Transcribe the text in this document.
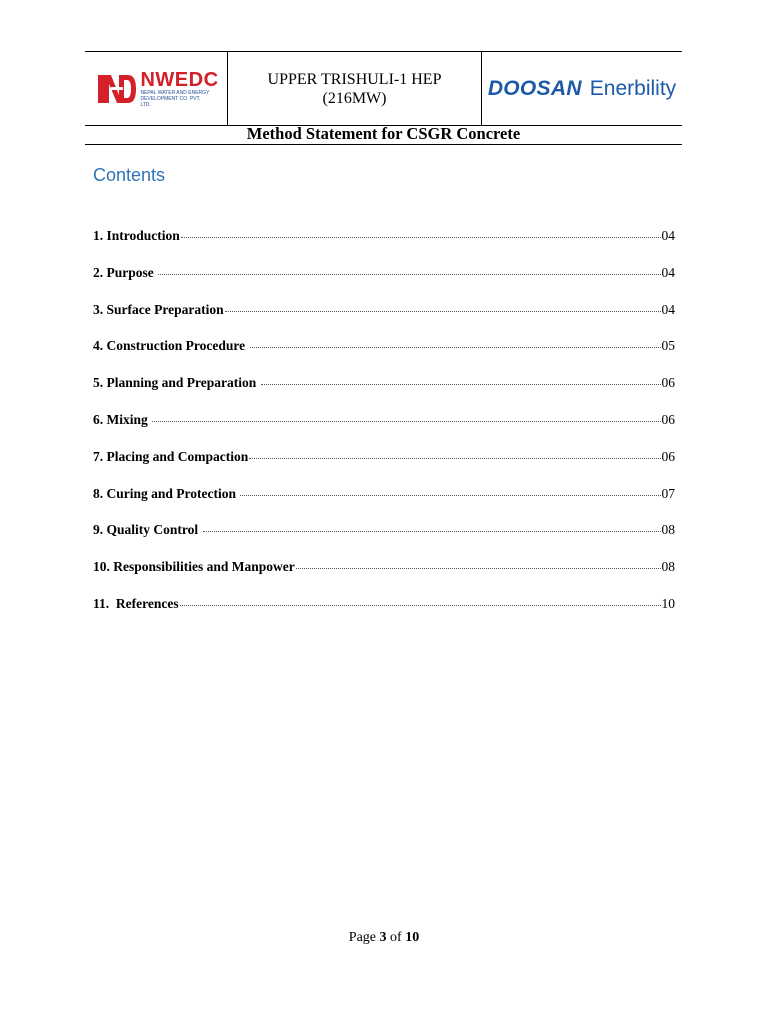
NWEDC
NEPAL WATER AND ENERGY DEVELOPMENT CO. PVT. LTD.
UPPER TRISHULI-1 HEP
(216MW)	DOOSAN Enerbility
Method Statement for CSGR Concrete
Contents
1. Introduction	04
2. Purpose	04
3. Surface Preparation	04
4. Construction Procedure	05
5. Planning and Preparation	06
6. Mixing	06
7. Placing and Compaction	06
8. Curing and Protection	07
9. Quality Control	08
10. Responsibilities and Manpower	08
11.  References	10
Page 3 of 10
